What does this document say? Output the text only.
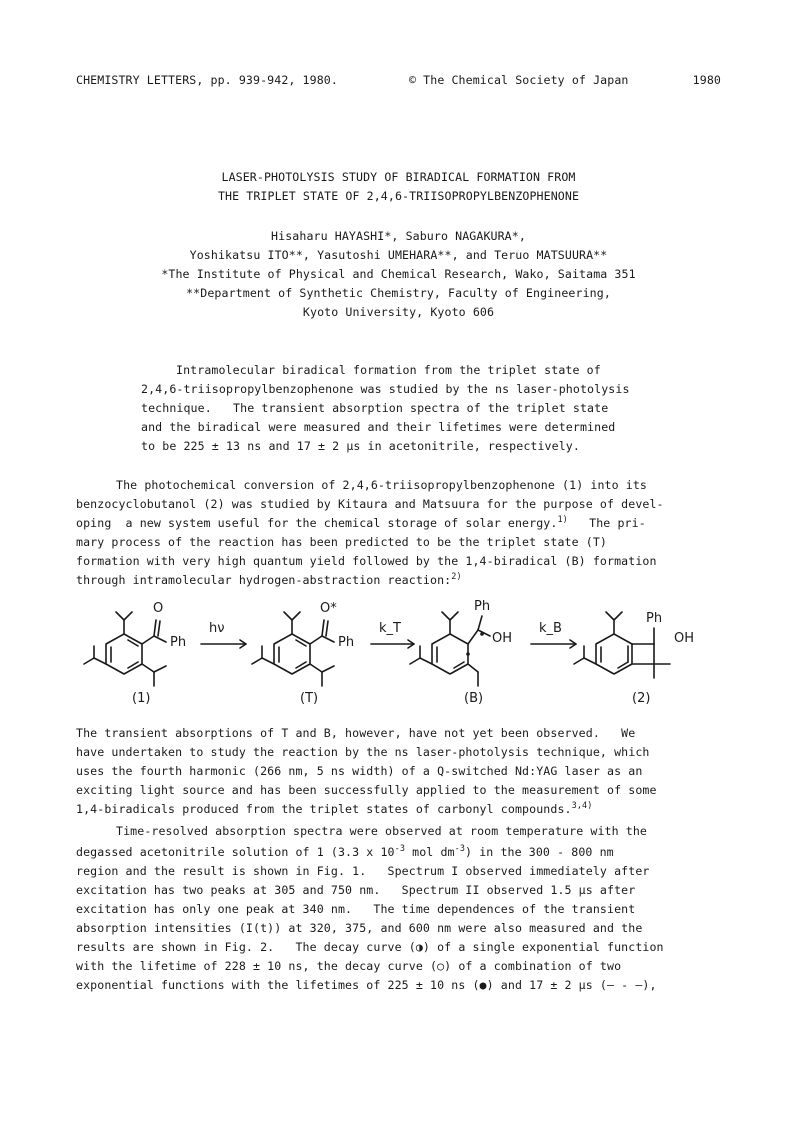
CHEMISTRY LETTERS, pp. 939-942, 1980.	© The Chemical Society of Japan	1980
LASER-PHOTOLYSIS STUDY OF BIRADICAL FORMATION FROM
THE TRIPLET STATE OF 2,4,6-TRIISOPROPYLBENZOPHENONE
Hisaharu HAYASHI*, Saburo NAGAKURA*,
Yoshikatsu ITO**, Yasutoshi UMEHARA**, and Teruo MATSUURA**
*The Institute of Physical and Chemical Research, Wako, Saitama 351
**Department of Synthetic Chemistry, Faculty of Engineering,
Kyoto University, Kyoto 606
Intramolecular biradical formation from the triplet state of
2,4,6-triisopropylbenzophenone was studied by the ns laser-photolysis
technique.   The transient absorption spectra of the triplet state
and the biradical were measured and their lifetimes were determined
to be 225 ± 13 ns and 17 ± 2 μs in acetonitrile, respectively.
The photochemical conversion of 2,4,6-triisopropylbenzophenone (1) into its
benzocyclobutanol (2) was studied by Kitaura and Matsuura for the purpose of devel-
oping  a new system useful for the chemical storage of solar energy.$^{1)}$   The pri-
mary process of the reaction has been predicted to be the triplet state (T)
formation with very high quantum yield followed by the 1,4-biradical (B) formation
through intramolecular hydrogen-abstraction reaction:$^{2)}$
O
Ph
hν
O*
Ph
k_T
Ph
OH
k_B
Ph
OH
(1)	(T)	(B)	(2)
The transient absorptions of T and B, however, have not yet been observed.   We
have undertaken to study the reaction by the ns laser-photolysis technique, which
uses the fourth harmonic (266 nm, 5 ns width) of a Q-switched Nd:YAG laser as an
exciting light source and has been successfully applied to the measurement of some
1,4-biradicals produced from the triplet states of carbonyl compounds.$^{3,4)}$
Time-resolved absorption spectra were observed at room temperature with the
degassed acetonitrile solution of 1 (3.3 x $10^{-3}$ mol $dm^{-3}$) in the 300 - 800 nm
region and the result is shown in Fig. 1.   Spectrum I observed immediately after
excitation has two peaks at 305 and 750 nm.   Spectrum II observed 1.5 μs after
excitation has only one peak at 340 nm.   The time dependences of the transient
absorption intensities (I(t)) at 320, 375, and 600 nm were also measured and the
results are shown in Fig. 2.   The decay curve (◑) of a single exponential function
with the lifetime of 228 ± 10 ns, the decay curve (○) of a combination of two
exponential functions with the lifetimes of 225 ± 10 ns (●) and 17 ± 2 μs (— - —),
